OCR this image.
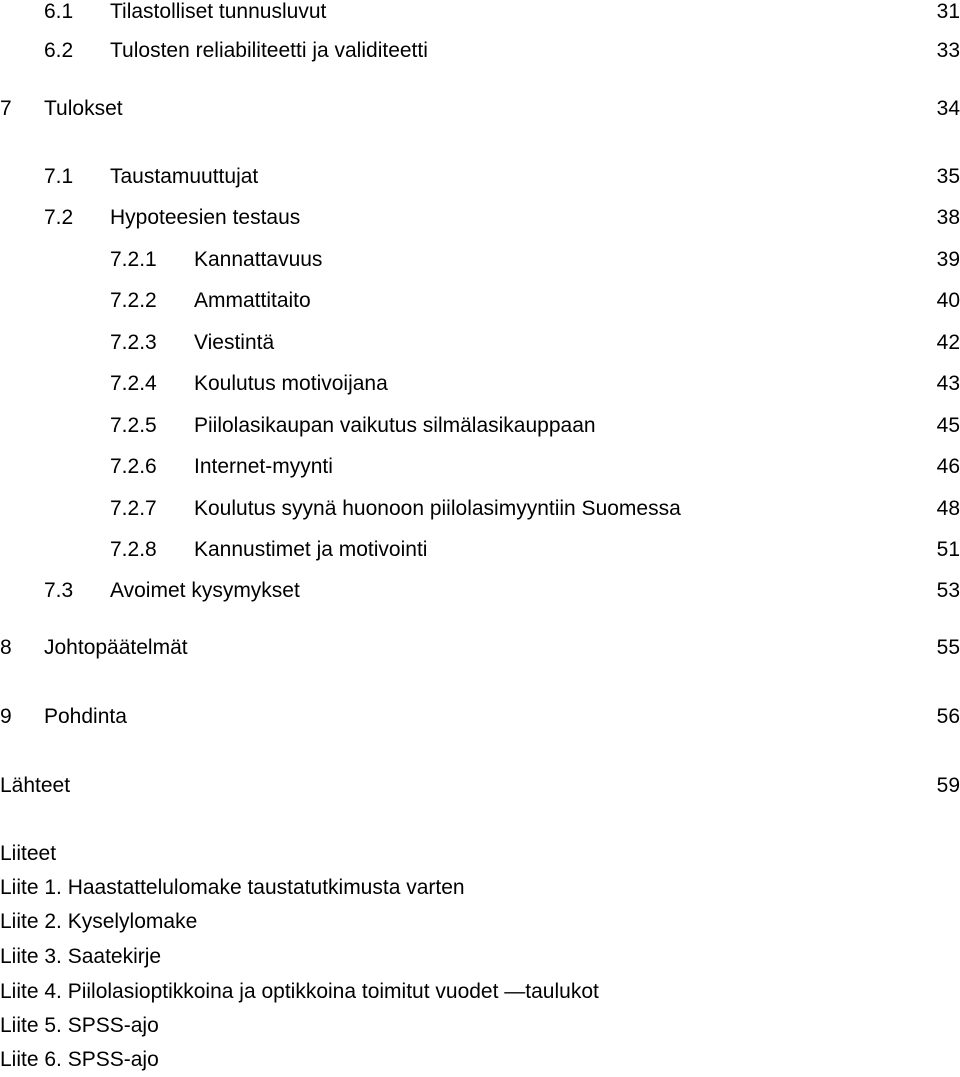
6.1 Tilastolliset tunnusluvut	31
6.2 Tulosten reliabiliteetti ja validiteetti	33
7 Tulokset	34
7.1 Taustamuuttujat	35
7.2 Hypoteesien testaus	38
7.2.1 Kannattavuus	39
7.2.2 Ammattitaito	40
7.2.3 Viestintä	42
7.2.4 Koulutus motivoijana	43
7.2.5 Piilolasikaupan vaikutus silmälasikauppaan	45
7.2.6 Internet-myynti	46
7.2.7 Koulutus syynä huonoon piilolasimyyntiin Suomessa	48
7.2.8 Kannustimet ja motivointi	51
7.3 Avoimet kysymykset	53
8 Johtopäätelmät	55
9 Pohdinta	56
Lähteet	59
Liiteet
Liite 1. Haastattelulomake taustatutkimusta varten
Liite 2. Kyselylomake
Liite 3. Saatekirje
Liite 4. Piilolasioptikkoina ja optikkoina toimitut vuodet —taulukot
Liite 5. SPSS-ajo
Liite 6. SPSS-ajo
